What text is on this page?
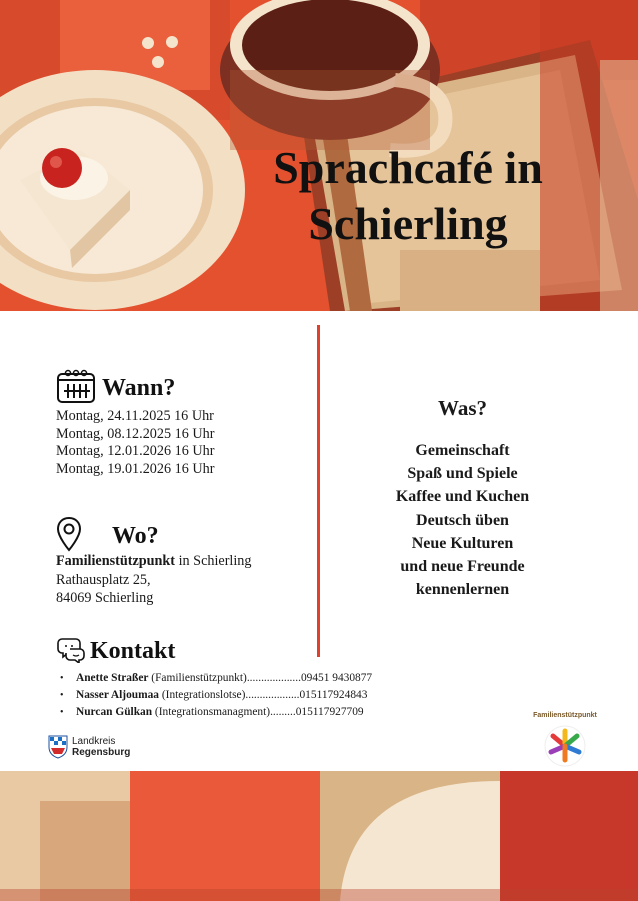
Sprachcafé in
Schierling
Wann?
Montag, 24.11.2025 16 Uhr
Montag, 08.12.2025 16 Uhr
Montag, 12.01.2026 16 Uhr
Montag, 19.01.2026 16 Uhr
Wo?
Familienstützpunkt in Schierling
Rathausplatz 25,
84069 Schierling
Kontakt
• Anette Straßer (Familienstützpunkt)...................09451 9430877
• Nasser Aljoumaa (Integrationslotse)...................015117924843
• Nurcan Gülkan (Integrationsmanagment).........015117927709
Was?
Gemeinschaft
Spaß und Spiele
Kaffee und Kuchen
Deutsch üben
Neue Kulturen
und neue Freunde
kennenlernen
Landkreis
Regensburg
Familienstützpunkt
